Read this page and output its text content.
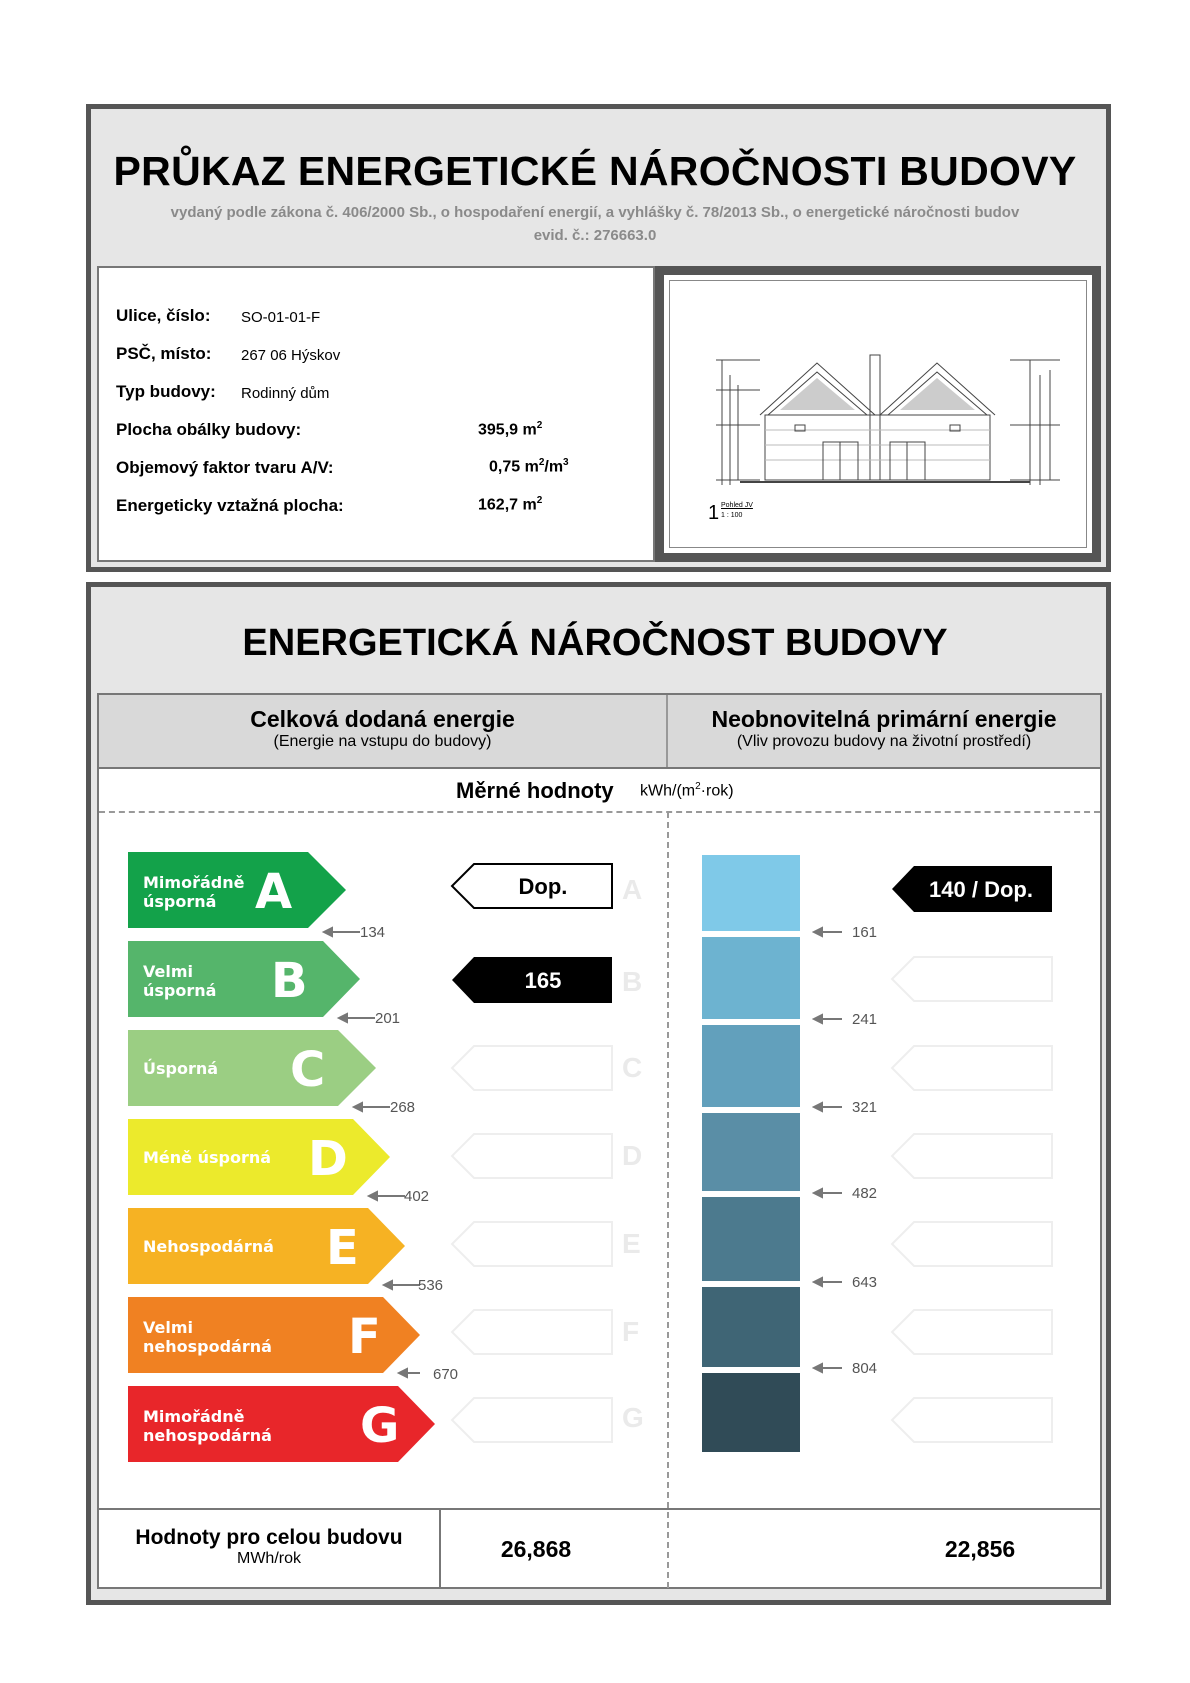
PRŮKAZ ENERGETICKÉ NÁROČNOSTI BUDOVY
vydaný podle zákona č. 406/2000 Sb., o hospodaření energií, a vyhlášky č. 78/2013 Sb., o energetické náročnosti budov
evid. č.: 276663.0
Ulice, číslo: SO-01-01-F
PSČ, místo: 267 06 Hýskov
Typ budovy: Rodinný dům
Plocha obálky budovy:	395,9 $m^2$
Objemový faktor tvaru A/V:	0,75 $m^2/m^3$
Energeticky vztažná plocha:	162,7 $m^2$
1 Pohled JV
1 : 100
ENERGETICKÁ NÁROČNOST BUDOVY
Celková dodaná energie
(Energie na vstupu do budovy)
Neobnovitelná primární energie
(Vliv provozu budovy na životní prostředí)
Měrné hodnoty kWh/$(m^2\cdot rok)$
Mimořádně
úsporná A
Velmi
úsporná B
Úsporná C
Méně úsporná D
Nehospodárná E
Velmi
nehospodárná F
Mimořádně
nehospodárná G
134
201
268
402
536
670
Dop.
165
A
B
C
D
E
F
G
161
241
321
482
643
804
140 / Dop.
Hodnoty pro celou budovu
MWh/rok	26,868	22,856
